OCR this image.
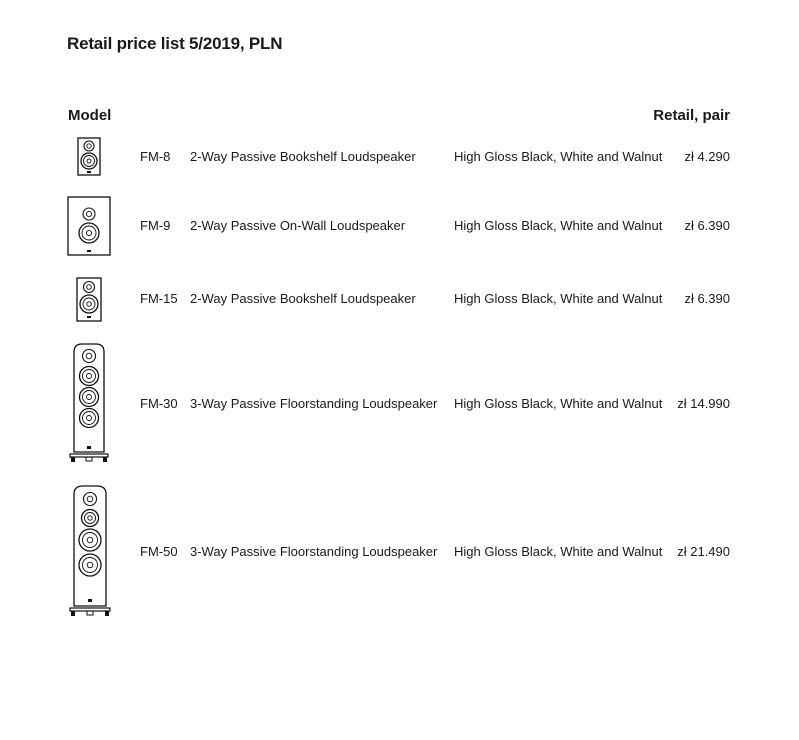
Retail price list 5/2019, PLN
Model	Retail, pair
FM-8 2-Way Passive Bookshelf Loudspeaker	High Gloss Black, White and Walnut zł 4.290
FM-9 2-Way Passive On-Wall Loudspeaker	High Gloss Black, White and Walnut zł 6.390
FM-15 2-Way Passive Bookshelf Loudspeaker	High Gloss Black, White and Walnut zł 6.390
FM-30 3-Way Passive Floorstanding Loudspeaker High Gloss Black, White and Walnut zł 14.990
FM-50 3-Way Passive Floorstanding Loudspeaker High Gloss Black, White and Walnut zł 21.490
